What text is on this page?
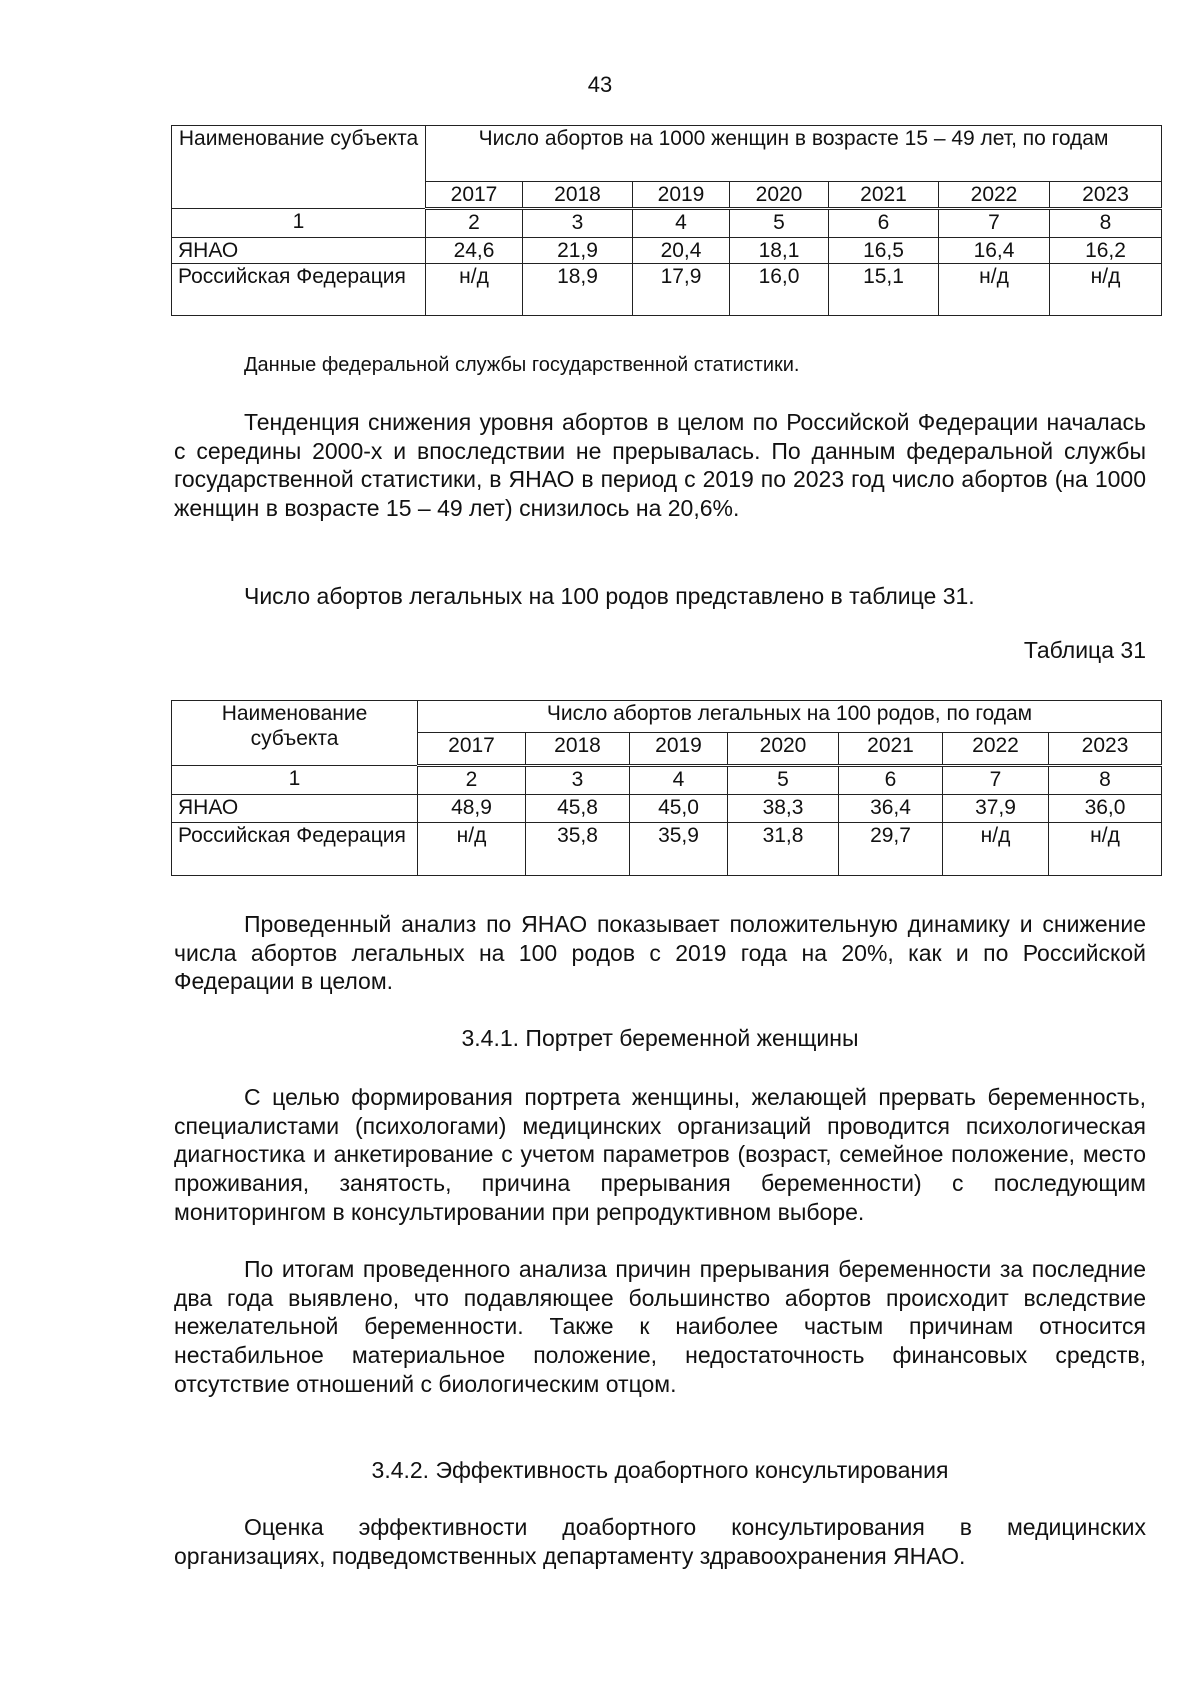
43
Наименование субъекта	Число абортов на 1000 женщин в возрасте 15 – 49 лет, по годам						
	2017	2018	2019	2020	2021	2022	2023
1	2	3	4	5	6	7	8
ЯНАО	24,6	21,9	20,4	18,1	16,5	16,4	16,2
Российская Федерация	н/д	18,9	17,9	16,0	15,1	н/д	н/д
Данные федеральной службы государственной статистики.
Тенденция снижения уровня абортов в целом по Российской Федерации началась с середины 2000-х и впоследствии не прерывалась. По данным федеральной службы государственной статистики, в ЯНАО в период с 2019 по 2023 год число абортов (на 1000 женщин в возрасте 15 – 49 лет) снизилось на 20,6%.
Число абортов легальных на 100 родов представлено в таблице 31.
Таблица 31
Наименование субъекта	Число абортов легальных на 100 родов, по годам						
	2017	2018	2019	2020	2021	2022	2023
1	2	3	4	5	6	7	8
ЯНАО	48,9	45,8	45,0	38,3	36,4	37,9	36,0
Российская Федерация	н/д	35,8	35,9	31,8	29,7	н/д	н/д
Проведенный анализ по ЯНАО показывает положительную динамику и снижение числа абортов легальных на 100 родов с 2019 года на 20%, как и по Российской Федерации в целом.
3.4.1. Портрет беременной женщины
С целью формирования портрета женщины, желающей прервать беременность, специалистами (психологами) медицинских организаций проводится психологическая диагностика и анкетирование с учетом параметров (возраст, семейное положение, место проживания, занятость, причина прерывания беременности) с последующим мониторингом в консультировании при репродуктивном выборе.
По итогам проведенного анализа причин прерывания беременности за последние два года выявлено, что подавляющее большинство абортов происходит вследствие нежелательной беременности. Также к наиболее частым причинам относится нестабильное материальное положение, недостаточность финансовых средств, отсутствие отношений с биологическим отцом.
3.4.2. Эффективность доабортного консультирования
Оценка эффективности доабортного консультирования в медицинских организациях, подведомственных департаменту здравоохранения ЯНАО.
